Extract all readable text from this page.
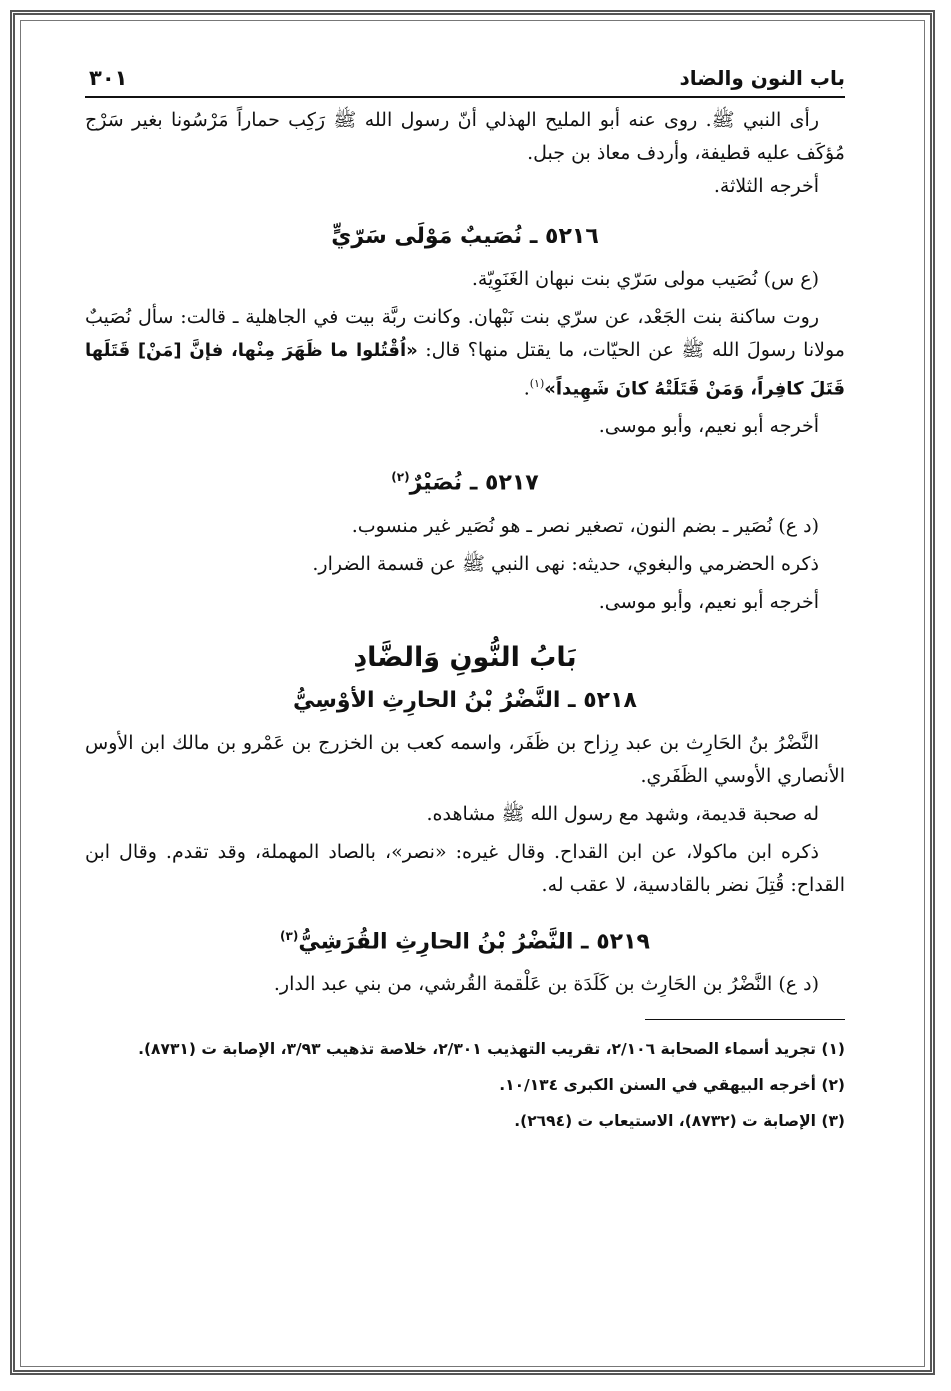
باب النون والضاد
٣٠١

رأى النبي ﷺ. روى عنه أبو المليح الهذلي أنّ رسول الله ﷺ رَكِب حماراً مَرْسُونا بغير سَرْج مُؤكَف عليه قطيفة، وأردف معاذ بن جبل.

أخرجه الثلاثة.

٥٢١٦ ـ نُصَيبٌ مَوْلَى سَرّيٍّ

(ع س) نُصَيب مولى سَرّي بنت نبهان الغَنَوِيّة.

روت ساكنة بنت الجَعْد، عن سرّي بنت نَبْهان. وكانت ربَّة بيت في الجاهلية ـ قالت: سأل نُصَيبٌ مولانا رسولَ الله ﷺ عن الحيّات، ما يقتل منها؟ قال: «اُقْتُلوا ما ظَهَرَ مِنْها، فإنَّ [مَنْ] قَتَلَها قَتَلَ كافِراً، وَمَنْ قَتَلَتْهُ كانَ شَهِيداً»$^{(١)}$.

أخرجه أبو نعيم، وأبو موسى.

٥٢١٧ ـ نُصَيْرٌ$^{(٢)}$

(د ع) نُصَير ـ بضم النون، تصغير نصر ـ هو نُصَير غير منسوب.

ذكره الحضرمي والبغوي، حديثه: نهى النبي ﷺ عن قسمة الضرار.

أخرجه أبو نعيم، وأبو موسى.

بَابُ النُّونِ وَالضَّادِ
٥٢١٨ ـ النَّضْرُ بْنُ الحارِثِ الأوْسِيُّ

النَّضْرُ بنُ الحَارِث بن عبد رِزاح بن ظَفَر، واسمه كعب بن الخزرج بن عَمْرو بن مالك ابن الأوس الأنصاري الأوسي الظَفَري.

له صحبة قديمة، وشهد مع رسول الله ﷺ مشاهده.

ذكره ابن ماكولا، عن ابن القداح. وقال غيره: «نصر»، بالصاد المهملة، وقد تقدم. وقال ابن القداح: قُتِلَ نضر بالقادسية، لا عقب له.

٥٢١٩ ـ النَّضْرُ بْنُ الحارِثِ القُرَشِيُّ$^{(٣)}$

(د ع) النَّضْرُ بن الحَارِث بن كَلَدَة بن عَلْقمة القُرشي، من بني عبد الدار.

(١) تجريد أسماء الصحابة ٢/١٠٦، تقريب التهذيب ٢/٣٠١، خلاصة تذهيب ٣/٩٣، الإصابة ت (٨٧٣١).

(٢) أخرجه البيهقي في السنن الكبرى ١٠/١٣٤.

(٣) الإصابة ت (٨٧٣٢)، الاستيعاب ت (٢٦٩٤).
